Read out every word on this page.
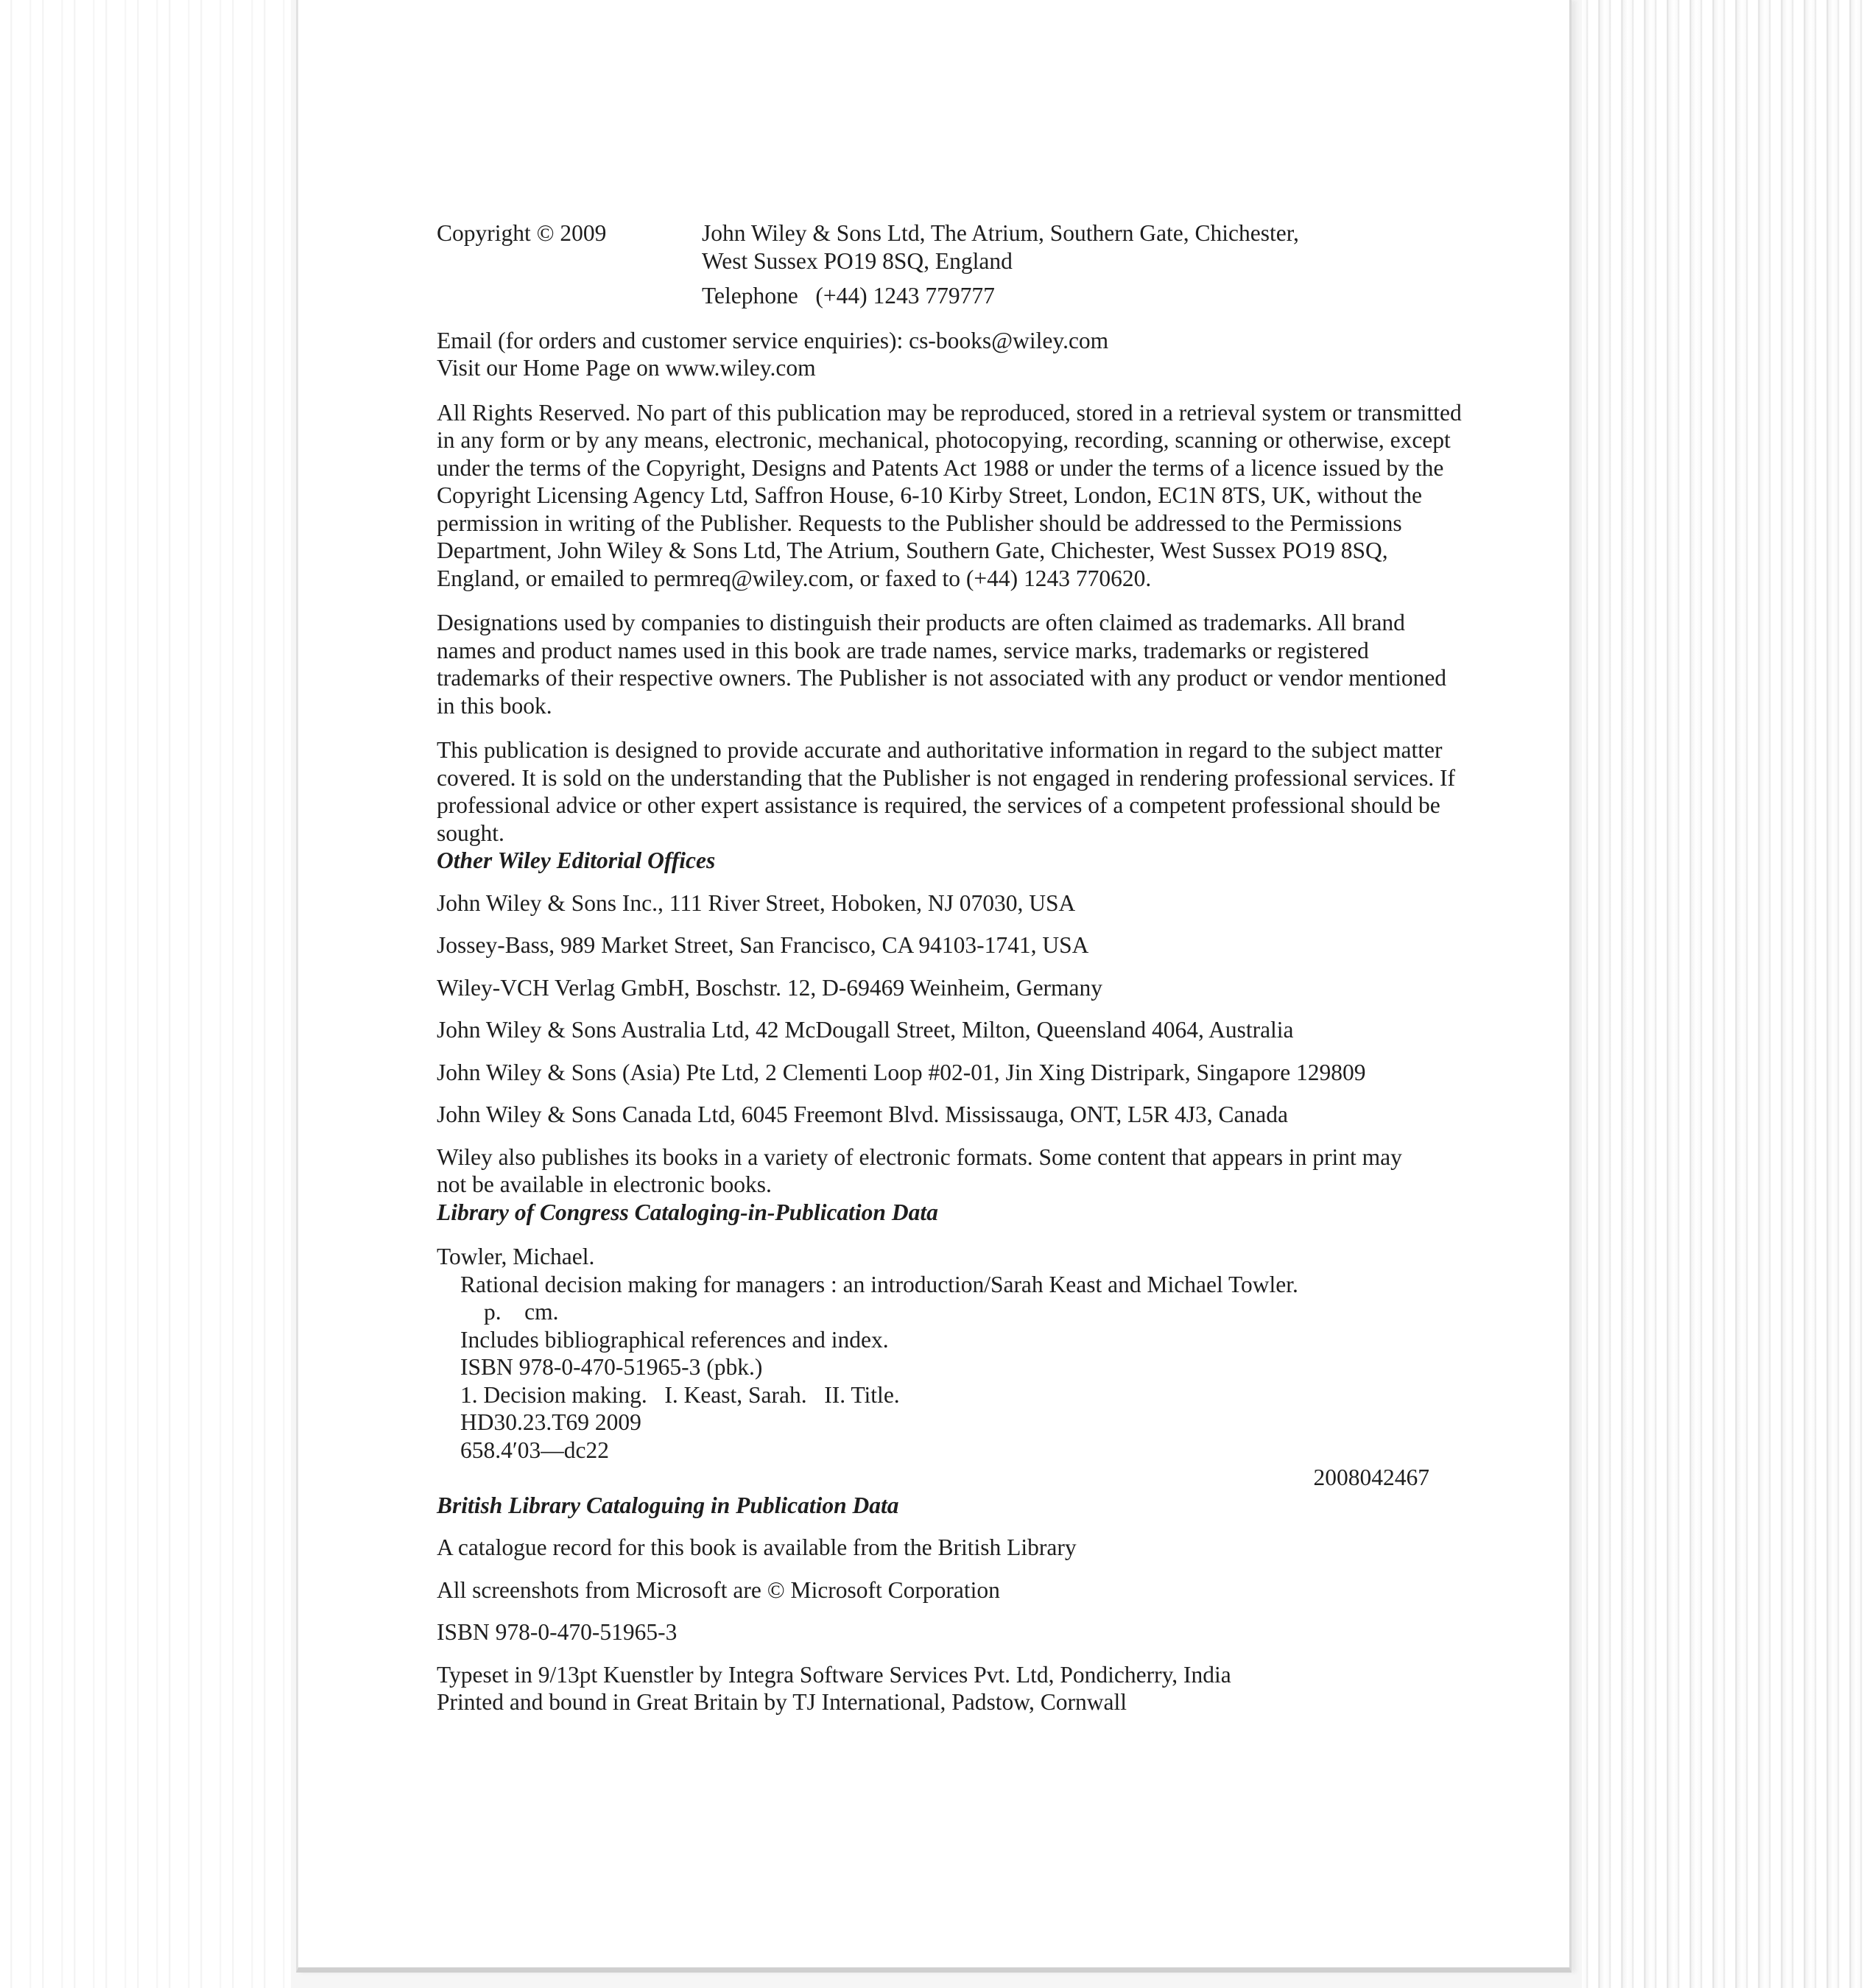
Copyright © 2009	John Wiley & Sons Ltd, The Atrium, Southern Gate, Chichester,
West Sussex PO19 8SQ, England
Telephone   (+44) 1243 779777
Email (for orders and customer service enquiries): cs-books@wiley.com
Visit our Home Page on www.wiley.com

All Rights Reserved. No part of this publication may be reproduced, stored in a retrieval system or transmitted in any form or by any means, electronic, mechanical, photocopying, recording, scanning or otherwise, except under the terms of the Copyright, Designs and Patents Act 1988 or under the terms of a licence issued by the Copyright Licensing Agency Ltd, Saffron House, 6-10 Kirby Street, London, EC1N 8TS, UK, without the permission in writing of the Publisher. Requests to the Publisher should be addressed to the Permissions Department, John Wiley & Sons Ltd, The Atrium, Southern Gate, Chichester, West Sussex PO19 8SQ, England, or emailed to permreq@wiley.com, or faxed to (+44) 1243 770620.

Designations used by companies to distinguish their products are often claimed as trademarks. All brand names and product names used in this book are trade names, service marks, trademarks or registered trademarks of their respective owners. The Publisher is not associated with any product or vendor mentioned in this book.

This publication is designed to provide accurate and authoritative information in regard to the subject matter covered. It is sold on the understanding that the Publisher is not engaged in rendering professional services. If professional advice or other expert assistance is required, the services of a competent professional should be sought.

Other Wiley Editorial Offices

John Wiley & Sons Inc., 111 River Street, Hoboken, NJ 07030, USA

Jossey-Bass, 989 Market Street, San Francisco, CA 94103-1741, USA

Wiley-VCH Verlag GmbH, Boschstr. 12, D-69469 Weinheim, Germany

John Wiley & Sons Australia Ltd, 42 McDougall Street, Milton, Queensland 4064, Australia

John Wiley & Sons (Asia) Pte Ltd, 2 Clementi Loop #02-01, Jin Xing Distripark, Singapore 129809

John Wiley & Sons Canada Ltd, 6045 Freemont Blvd. Mississauga, ONT, L5R 4J3, Canada

Wiley also publishes its books in a variety of electronic formats. Some content that appears in print may not be available in electronic books.

Library of Congress Cataloging-in-Publication Data

Towler, Michael.
Rational decision making for managers : an introduction/Sarah Keast and Michael Towler.
p.    cm.
Includes bibliographical references and index.
ISBN 978-0-470-51965-3 (pbk.)
1. Decision making.   I. Keast, Sarah.   II. Title.
HD30.23.T69 2009
658.4′03—dc22
2008042467

British Library Cataloguing in Publication Data

A catalogue record for this book is available from the British Library

All screenshots from Microsoft are © Microsoft Corporation

ISBN 978-0-470-51965-3

Typeset in 9/13pt Kuenstler by Integra Software Services Pvt. Ltd, Pondicherry, India
Printed and bound in Great Britain by TJ International, Padstow, Cornwall
